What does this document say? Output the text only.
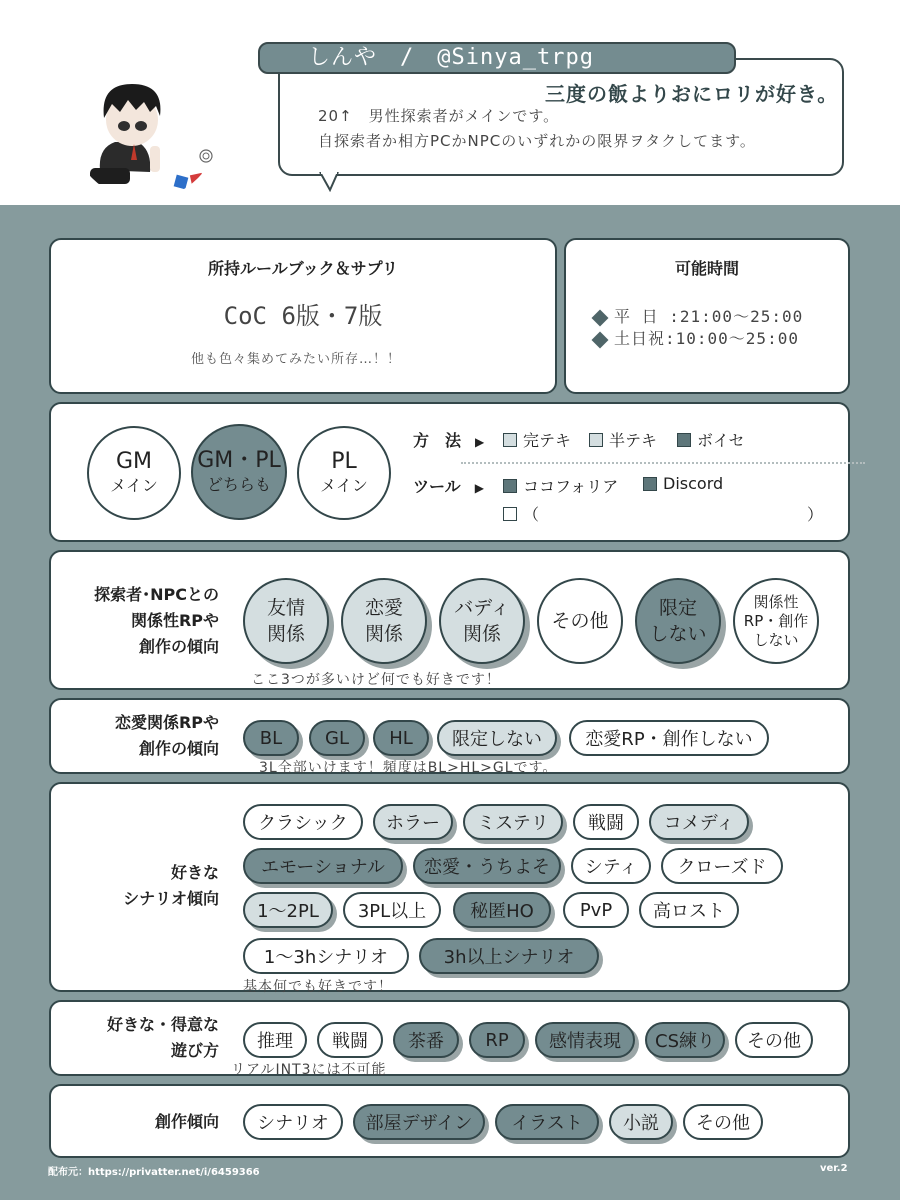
しんや　/　@Sinya_trpg
三度の飯よりおにロリが好き。
20↑　男性探索者がメインです。
自探索者か相方PCかNPCのいずれかの限界ヲタクしてます。
所持ルールブック＆サプリ
CoC 6版・7版
他も色々集めてみたい所存…！！
可能時間
平 日 :21:00〜25:00
土日祝:10:00〜25:00
GM
メイン
GM・PL
どちらも
PL
メイン
方　法 ▶ 完テキ 半テキ ボイセ
ツール ▶ ココフォリア	Discord
（	）
探索者･NPCとの
関係性RPや
創作の傾向
友情
関係
恋愛
関係
バディ
関係
その他
限定
しない
関係性
RP・創作
しない
ここ3つが多いけど何でも好きです！
恋愛関係RPや
創作の傾向	BL	GL	HL	限定しない	恋愛RP・創作しない
3L全部いけます！頻度はBL>HL>GLです。
好きな
シナリオ傾向
クラシック	ホラー	ミステリ	戦闘	コメディ
エモーショナル	恋愛・うちよそ	シティ	クローズド
1〜2PL	3PL以上	秘匿HO	PvP	高ロスト
1〜3hシナリオ	3h以上シナリオ
基本何でも好きです！
好きな・得意な
遊び方	推理	戦闘	茶番	RP	感情表現	CS練り	その他
リアルINT3には不可能
創作傾向	シナリオ	部屋デザイン	イラスト	小説	その他
配布元：https://privatter.net/i/6459366	ver.2
